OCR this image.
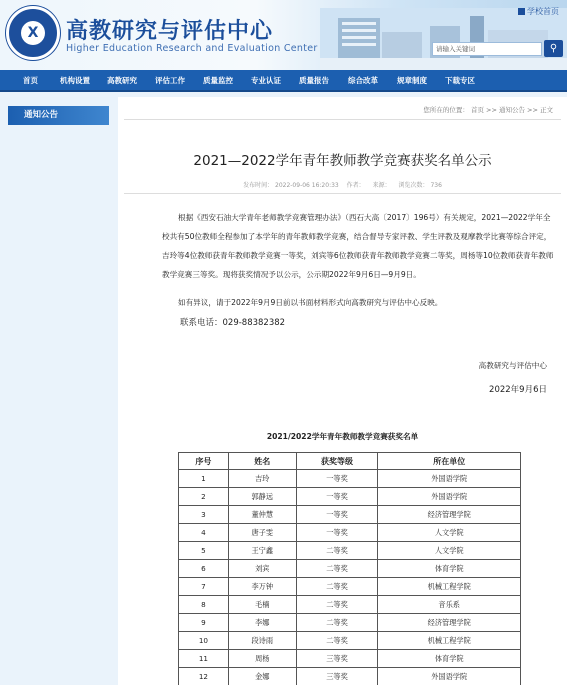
X	高教研究与评估中心
Higher Education Research and Evaluation Center
学校首页
请输入关键词	⚲
首页	机构设置 高教研究 评估工作 质量监控 专业认证 质量报告	综合改革	规章制度 下载专区
通知公告	您所在的位置： 首页 >> 通知公告 >> 正文
2021—2022学年青年教师教学竞赛获奖名单公示
发布时间： 2022-09-06 16:20:33 作者： 来源： 浏览次数： 736
根据《西安石油大学青年老师教学竞赛管理办法》（西石大高〔2017〕196号）有关规定，2021—2022学年全校共有50位教师全程参加了本学年的青年教师教学竞赛，结合督导专家评教、学生评教及观摩教学比赛等综合评定，吉玲等4位教师获青年教师教学竞赛一等奖，刘宾等6位教师获青年教师教学竞赛二等奖，周杨等10位教师获青年教师教学竞赛三等奖。现将获奖情况予以公示，公示期2022年9月6日—9月9日。
如有异议，请于2022年9月9日前以书面材料形式向高教研究与评估中心反映。
联系电话：029-88382382
高教研究与评估中心
2022年9月6日
2021/2022学年青年教师教学竞赛获奖名单
序号	姓名	获奖等级	所在单位
1	吉玲	一等奖	外国语学院
2	郭静远	一等奖	外国语学院
3	董仲慧	一等奖	经济管理学院
4	唐子雯	一等奖	人文学院
5	王宁鑫	二等奖	人文学院
6	刘宾	二等奖	体育学院
7	李万钟	二等奖	机械工程学院
8	毛楠	二等奖	音乐系
9	李娜	二等奖	经济管理学院
10	段诗雨	二等奖	机械工程学院
11	周杨	三等奖	体育学院
12	金娜	三等奖	外国语学院
